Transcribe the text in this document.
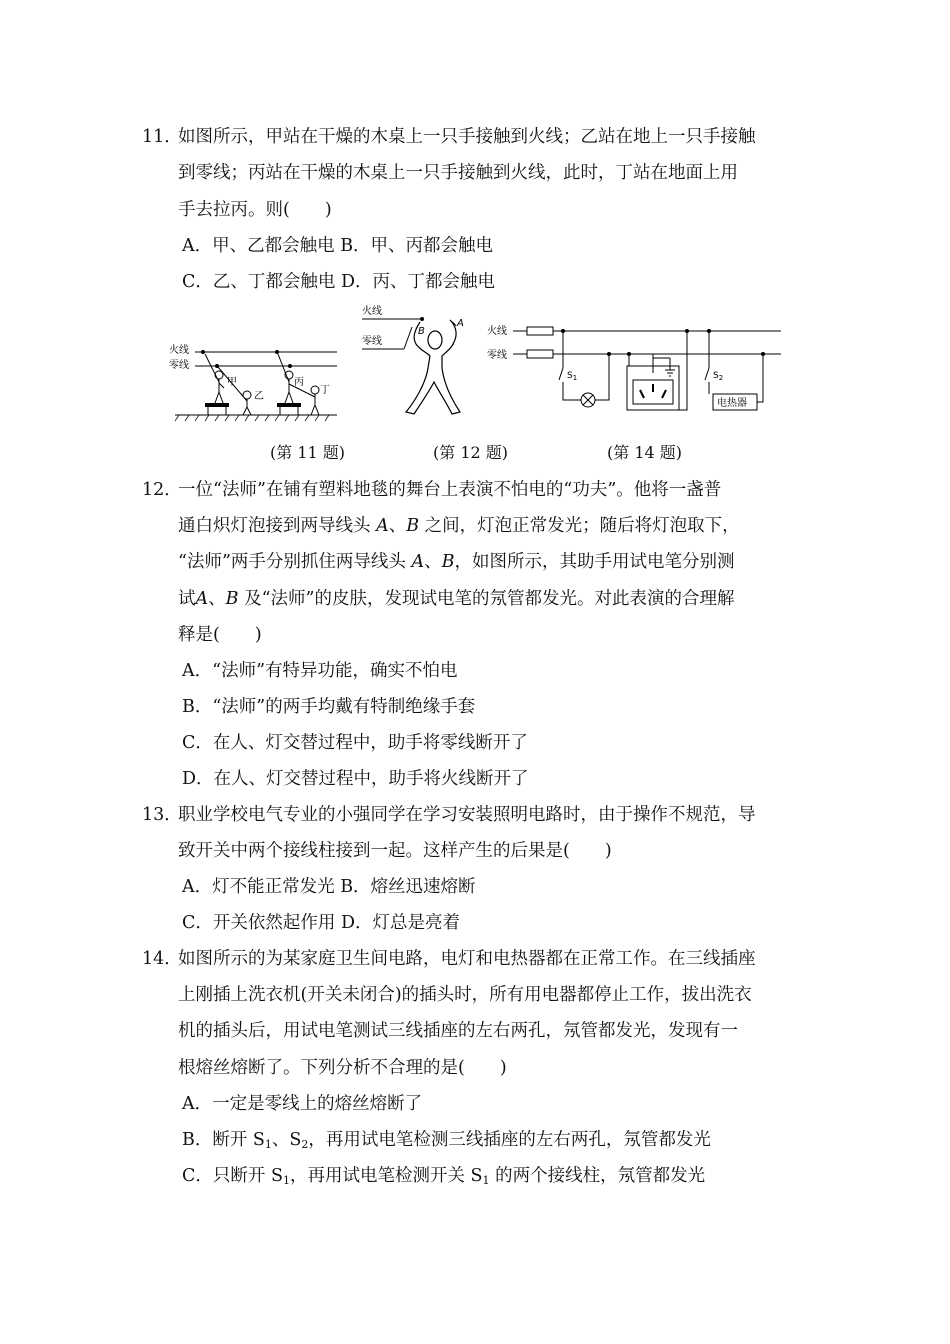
11．
如图所示，甲站在干燥的木桌上一只手接触到火线；乙站在地上一只手接触
到零线；丙站在干燥的木桌上一只手接触到火线，此时，丁站在地面上用
手去拉丙。则(　　)
A．甲、乙都会触电 B．甲、丙都会触电
C．乙、丁都会触电 D．丙、丁都会触电
火线
零线
甲
乙
丙
丁
火线
零线
B
A
火线
零线
$S_1$	$S_2$
电热器
(第 11 题)	(第 12 题)	(第 14 题)
12．
一位“法师”在铺有塑料地毯的舞台上表演不怕电的“功夫”。他将一盏普
通白炽灯泡接到两导线头 A、B 之间，灯泡正常发光；随后将灯泡取下，
“法师”两手分别抓住两导线头 A、B，如图所示，其助手用试电笔分别测
试A、B 及“法师”的皮肤，发现试电笔的氖管都发光。对此表演的合理解
释是(　　)
A．“法师”有特异功能，确实不怕电
B．“法师”的两手均戴有特制绝缘手套
C．在人、灯交替过程中，助手将零线断开了
D．在人、灯交替过程中，助手将火线断开了
13．
职业学校电气专业的小强同学在学习安装照明电路时，由于操作不规范，导
致开关中两个接线柱接到一起。这样产生的后果是(　　)
A．灯不能正常发光 B．熔丝迅速熔断
C．开关依然起作用 D．灯总是亮着
14．
如图所示的为某家庭卫生间电路，电灯和电热器都在正常工作。在三线插座
上刚插上洗衣机(开关未闭合)的插头时，所有用电器都停止工作，拔出洗衣
机的插头后，用试电笔测试三线插座的左右两孔，氖管都发光，发现有一
根熔丝熔断了。下列分析不合理的是(　　)
A．一定是零线上的熔丝熔断了
B．断开 $S_1$、$S_2$，再用试电笔检测三线插座的左右两孔，氖管都发光
C．只断开 $S_1$，再用试电笔检测开关 $S_1$ 的两个接线柱，氖管都发光
